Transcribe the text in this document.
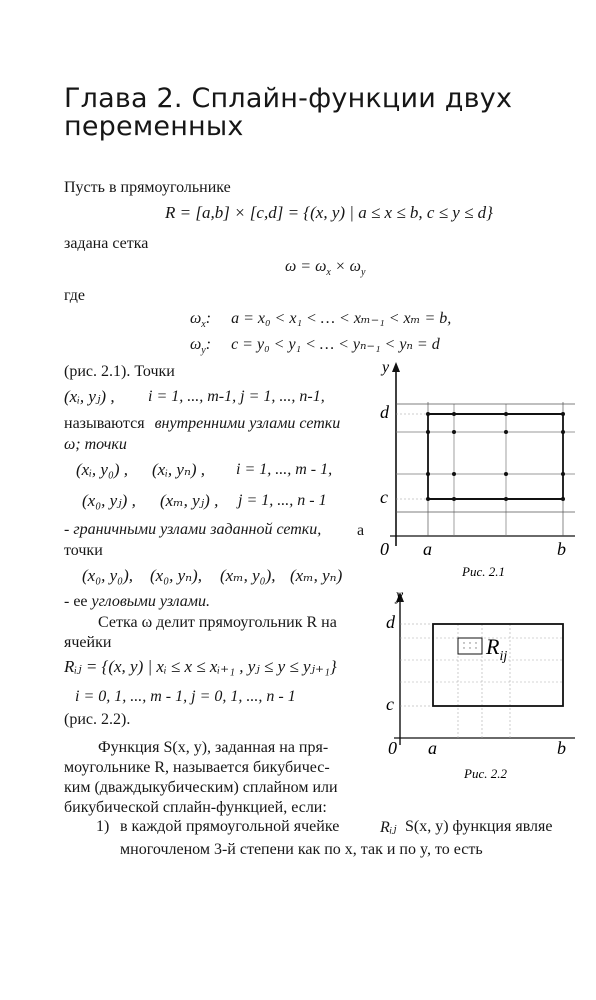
Глава 2. Сплайн-функции двух
переменных
Пусть в прямоугольнике
R = [a,b] × [c,d] = {(x, y) | a ≤ x ≤ b, c ≤ y ≤ d}
задана сетка
$\omega = \omega_x \times \omega_y$
где
$\omega_x$: a = x₀ < x₁ < … < xₘ₋₁ < xₘ = b,
$\omega_y$: c = y₀ < y₁ < … < yₙ₋₁ < yₙ = d
(рис. 2.1). Точки
(xᵢ, yⱼ) , i = 1, ..., m-1, j = 1, ..., n-1,
называются внутренними узлами сетки
ω; точки
(xᵢ, y₀) , (xᵢ, yₙ) , i = 1, ..., m - 1,
(x₀, yⱼ) , (xₘ, yⱼ) , j = 1, ..., n - 1
- граничными узлами заданной сетки, а
точки
(x₀, y₀), (x₀, yₙ), (xₘ, y₀), (xₘ, yₙ)
- ее угловыми узлами.
Сетка ω делит прямоугольник R на
ячейки
Rᵢⱼ = {(x, y) | xᵢ ≤ x ≤ xᵢ₊₁ , yⱼ ≤ y ≤ yⱼ₊₁}
i = 0, 1, ..., m - 1, j = 0, 1, ..., n - 1
(рис. 2.2).
Функция S(x, y), заданная на пря-
моугольнике R, называется бикубичес-
ким (дваждыкубическим) сплайном или
бикубической сплайн-функцией, если:
1) в каждой прямоугольной ячейке	Rᵢⱼ S(x, y) функция являе
многочленом 3-й степени как по x, так и по y, то есть
y
d
c
0 a	b
Рис. 2.1
$R_{ij}$
y
d
c
0 a	b
Рис. 2.2
